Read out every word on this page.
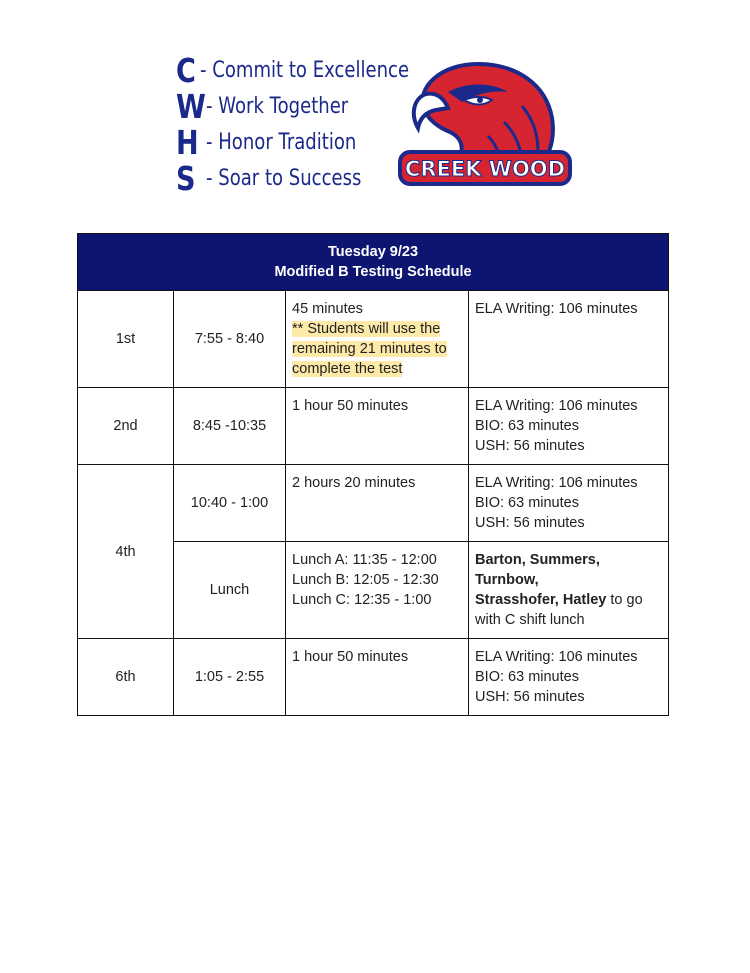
C - Commit to Excellence
W - Work Together
H - Honor Tradition
S - Soar to Success CREEK WOOD
Tuesday 9/23
Modified B Testing Schedule			

1st	7:55 - 8:40	45 minutes
** Students will use the remaining 21 minutes to complete the test	ELA Writing: 106 minutes

2nd	8:45 -10:35	1 hour 50 minutes	ELA Writing: 106 minutes
BIO: 63 minutes
USH: 56 minutes

4th	10:40 - 1:00	2 hours 20 minutes	ELA Writing: 106 minutes
BIO: 63 minutes
USH: 56 minutes

	Lunch	Lunch A: 11:35 - 12:00
Lunch B: 12:05 - 12:30
Lunch C: 12:35 - 1:00	Barton, Summers, Turnbow,
Strasshofer, Hatley to go
with C shift lunch

6th	1:05 - 2:55	1 hour 50 minutes	ELA Writing: 106 minutes
BIO: 63 minutes
USH: 56 minutes
